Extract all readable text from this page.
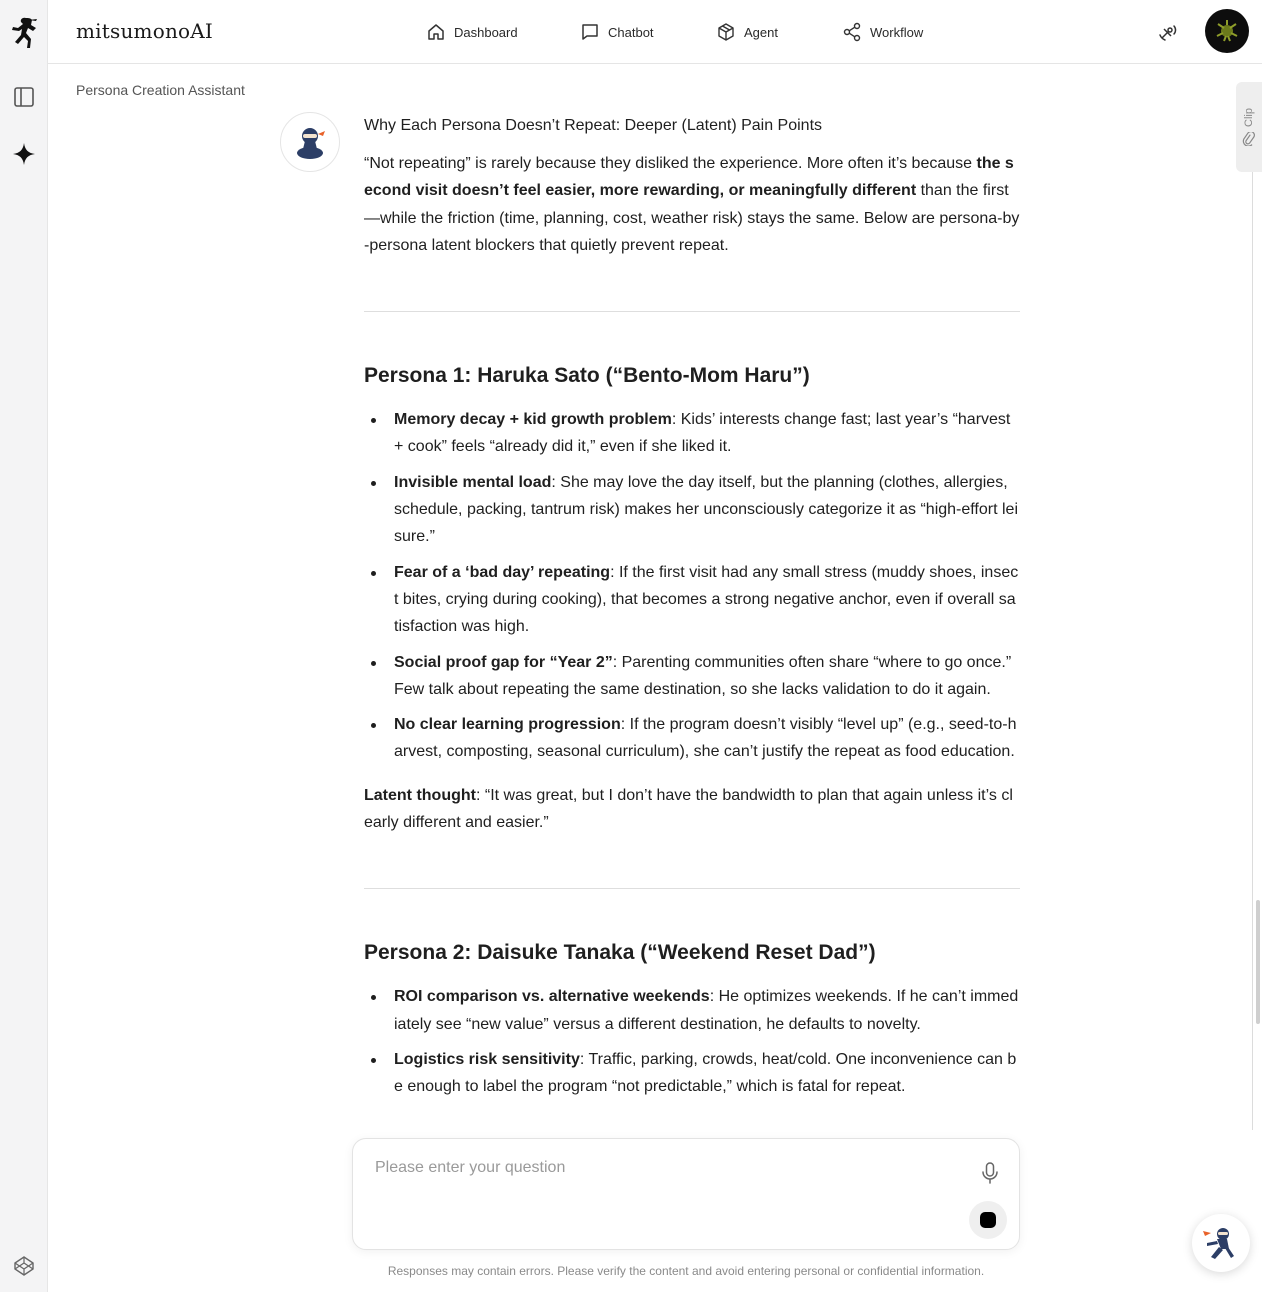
mitsumonoAI	Dashboard	Chatbot	Agent	Workflow
Persona Creation Assistant
Clip
Why Each Persona Doesn’t Repeat: Deeper (Latent) Pain Points

“Not repeating” is rarely because they disliked the experience. More often it’s because the second visit doesn’t feel easier, more rewarding, or meaningfully different than the first—while the friction (time, planning, cost, weather risk) stays the same. Below are persona-by-persona latent blockers that quietly prevent repeat.

Persona 1: Haruka Sato (“Bento-Mom Haru”)
Memory decay + kid growth problem: Kids’ interests change fast; last year’s “harvest + cook” feels “already did it,” even if she liked it.
Invisible mental load: She may love the day itself, but the planning (clothes, allergies, schedule, packing, tantrum risk) makes her unconsciously categorize it as “high-effort leisure.”
Fear of a ‘bad day’ repeating: If the first visit had any small stress (muddy shoes, insect bites, crying during cooking), that becomes a strong negative anchor, even if overall satisfaction was high.
Social proof gap for “Year 2”: Parenting communities often share “where to go once.” Few talk about repeating the same destination, so she lacks validation to do it again.
No clear learning progression: If the program doesn’t visibly “level up” (e.g., seed-to-harvest, composting, seasonal curriculum), she can’t justify the repeat as food education.

Latent thought: “It was great, but I don’t have the bandwidth to plan that again unless it’s clearly different and easier.”

Persona 2: Daisuke Tanaka (“Weekend Reset Dad”)
ROI comparison vs. alternative weekends: He optimizes weekends. If he can’t immediately see “new value” versus a different destination, he defaults to novelty.
Logistics risk sensitivity: Traffic, parking, crowds, heat/cold. One inconvenience can be enough to label the program “not predictable,” which is fatal for repeat.
Please enter your question
Responses may contain errors. Please verify the content and avoid entering personal or confidential information.
